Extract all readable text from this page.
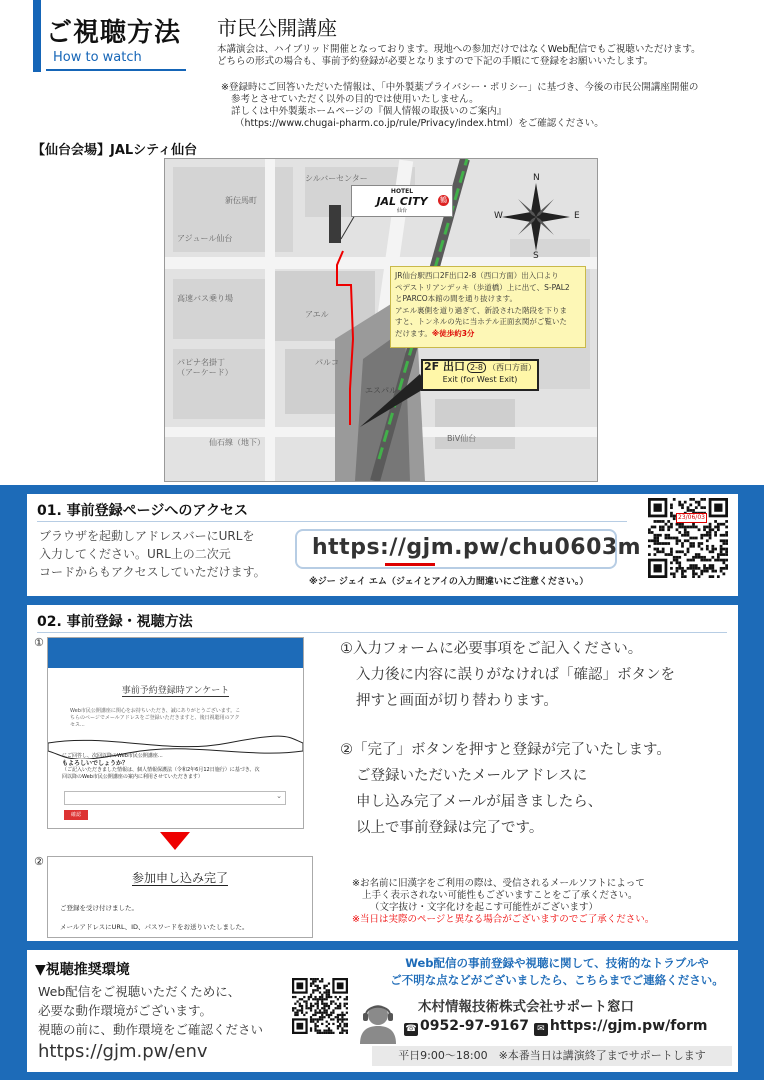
ご視聴方法
How to watch
市民公開講座
本講演会は、ハイブリッド開催となっております。現地への参加だけではなくWeb配信でもご視聴いただけます。
どちらの形式の場合も、事前予約登録が必要となりますので下記の手順にて登録をお願いいたします。
※登録時にご回答いただいた情報は、「中外製薬プライバシー・ポリシー」に基づき、今後の市民公開講座開催の
参考とさせていただく以外の目的では使用いたしません。
詳しくは中外製薬ホームページの『個人情報の取扱いのご案内』
（https://www.chugai-pharm.co.jp/rule/Privacy/index.html）をご確認ください。
【仙台会場】JALシティ仙台
シルバーセンター
新伝馬町
アジュール仙台
高速バス乗り場
アエル
パルコ
パピナ名掛丁
（アーケード）
エスパル
仙石線（地下）	BiV仙台
HOTEL
JAL CITY
仙台
鶴
N
W	E
S
JR仙台駅西口2F出口2-8（西口方面）出入口より
ペデストリアンデッキ（歩道橋）上に出て、S-PAL2
とPARCO本館の間を通り抜けます。
アエル裏側を道り過ぎて、新設された階段を下りま
すと、トンネルの先に当ホテル正面玄関がご覧いた
だけます。※徒歩約3分
2F 出口 2-8 （西口方面）
Exit (for West Exit)
01. 事前登録ページへのアクセス
ブラウザを起動しアドレスバーにURLを
入力してください。URL上の二次元
コードからもアクセスしていただけます。
https://gjm.pw/chu0603m
※ジー ジェイ エム（ジェイとアイの入力間違いにご注意ください。）
23/06/03
02. 事前登録・視聴方法
①
事前予約登録時アンケート
Web市民公開講座に関心をお持ちいただき、誠にありがとうございます。こ
ちらのページでメールアドレスをご登録いただきますと、後日視聴用のアク
セス...
にご回答し、次回以降のWeb市民公開講座...
もよろしいでしょうか？
（ご記入いただきました情報は、個人情報保護法（令和2年6月12日施行）に基づき、次
回以降のWeb市民公開講座の案内に利用させていただきます）
⌄
確認
②
参加申し込み完了
ご登録を受け付けました。
メールアドレスにURL、ID、パスワードをお送りいたしました。
①入力フォームに必要事項をご記入ください。
入力後に内容に誤りがなければ「確認」ボタンを
押すと画面が切り替わります。
②「完了」ボタンを押すと登録が完了いたします。
ご登録いただいたメールアドレスに
申し込み完了メールが届きましたら、
以上で事前登録は完了です。
※お名前に旧漢字をご利用の際は、受信されるメールソフトによって
上手く表示されない可能性もございますことをご了承ください。
（文字抜け・文字化けを起こす可能性がございます）
※当日は実際のページと異なる場合がございますのでご了承ください。
▼視聴推奨環境
Web配信をご視聴いただくために、
必要な動作環境がございます。
視聴の前に、動作環境をご確認ください
https://gjm.pw/env
Web配信の事前登録や視聴に関して、技術的なトラブルや
ご不明な点などがございましたら、こちらまでご連絡ください。
木村情報技術株式会社サポート窓口
☎ 0952-97-9167 ✉ https://gjm.pw/form
平日9:00〜18:00　※本番当日は講演終了までサポートします
